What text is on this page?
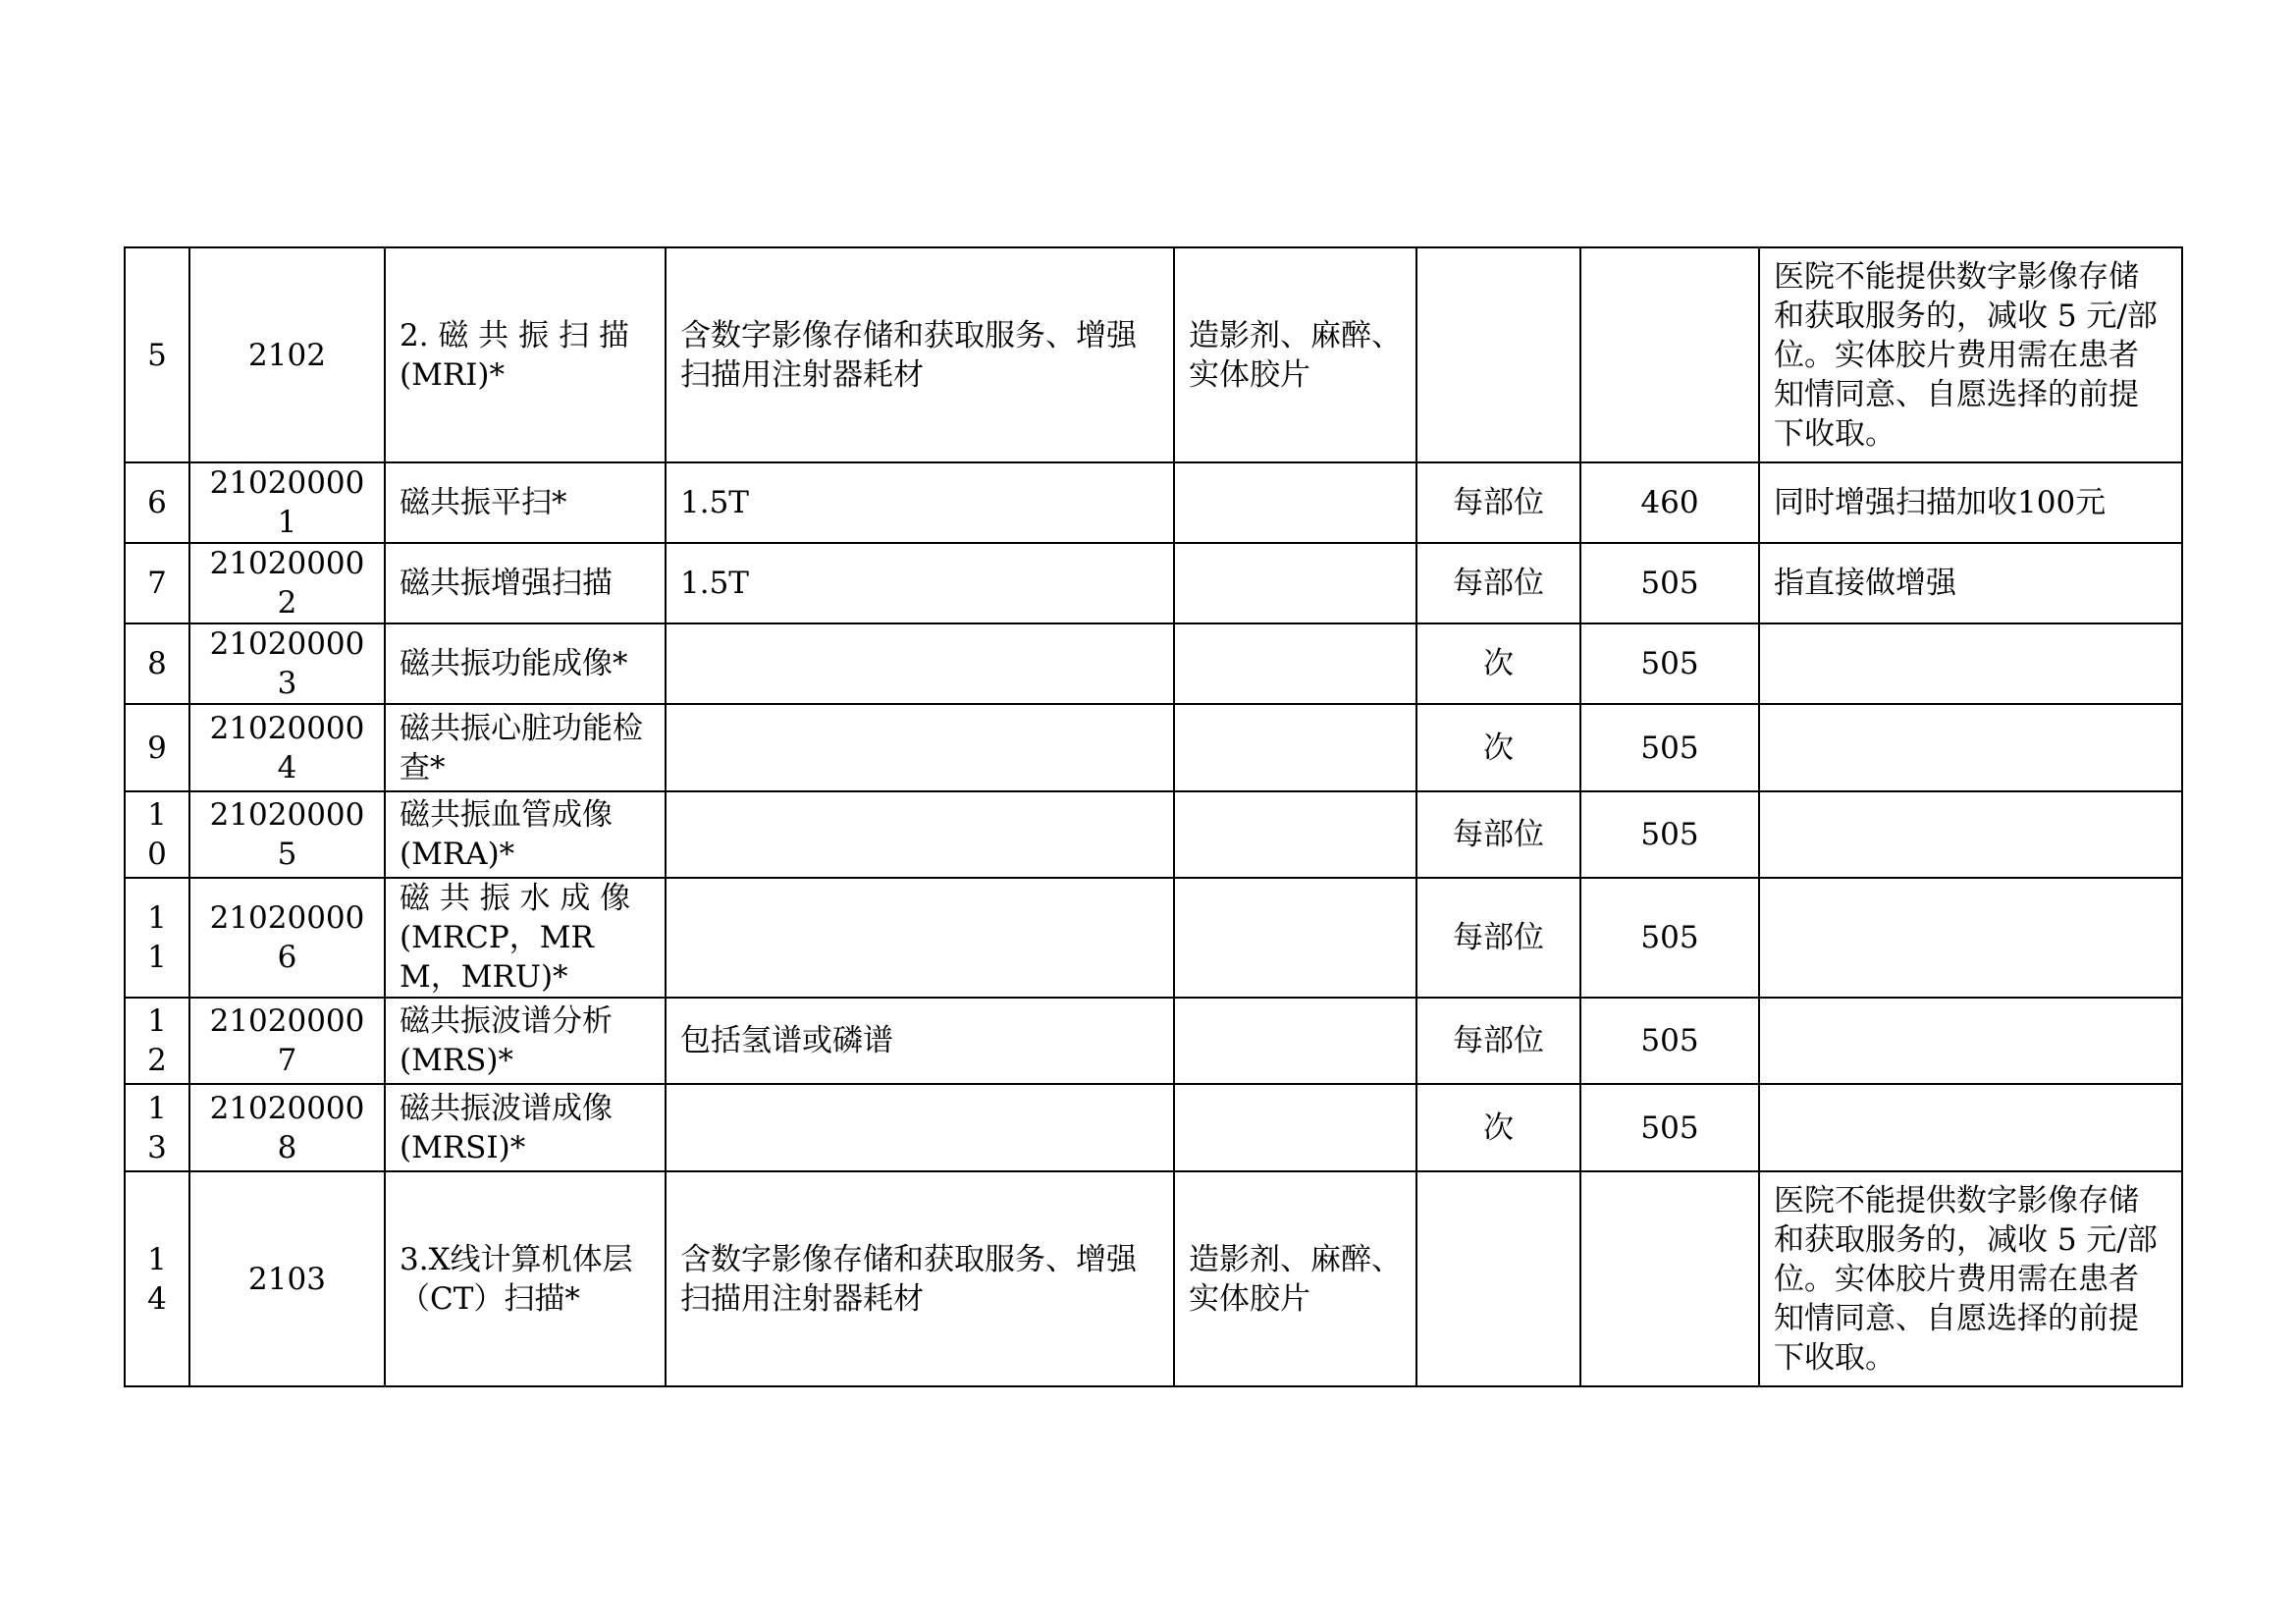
5	2102	2. 磁 共 振 扫 描 (MRI)*	含数字影像存储和获取服务、增强扫描用注射器耗材	造影剂、麻醉、实体胶片			医院不能提供数字影像存储和获取服务的，减收 5 元/部位。实体胶片费用需在患者知情同意、自愿选择的前提下收取。
6	210200001	磁共振平扫*	1.5T		每部位	460	同时增强扫描加收100元
7	210200002	磁共振增强扫描	1.5T		每部位	505	指直接做增强
8	210200003	磁共振功能成像*			次	505	
9	210200004	磁共振心脏功能检查*			次	505	
10	210200005	磁共振血管成像(MRA)*			每部位	505	
11	210200006	磁 共 振 水 成 像 (MRCP，MRM，MRU)*			每部位	505	
12	210200007	磁共振波谱分析(MRS)*	包括氢谱或磷谱		每部位	505	
13	210200008	磁共振波谱成像(MRSI)*			次	505	
14	2103	3.X线计算机体层（CT）扫描*	含数字影像存储和获取服务、增强扫描用注射器耗材	造影剂、麻醉、实体胶片			医院不能提供数字影像存储和获取服务的，减收 5 元/部位。实体胶片费用需在患者知情同意、自愿选择的前提下收取。
